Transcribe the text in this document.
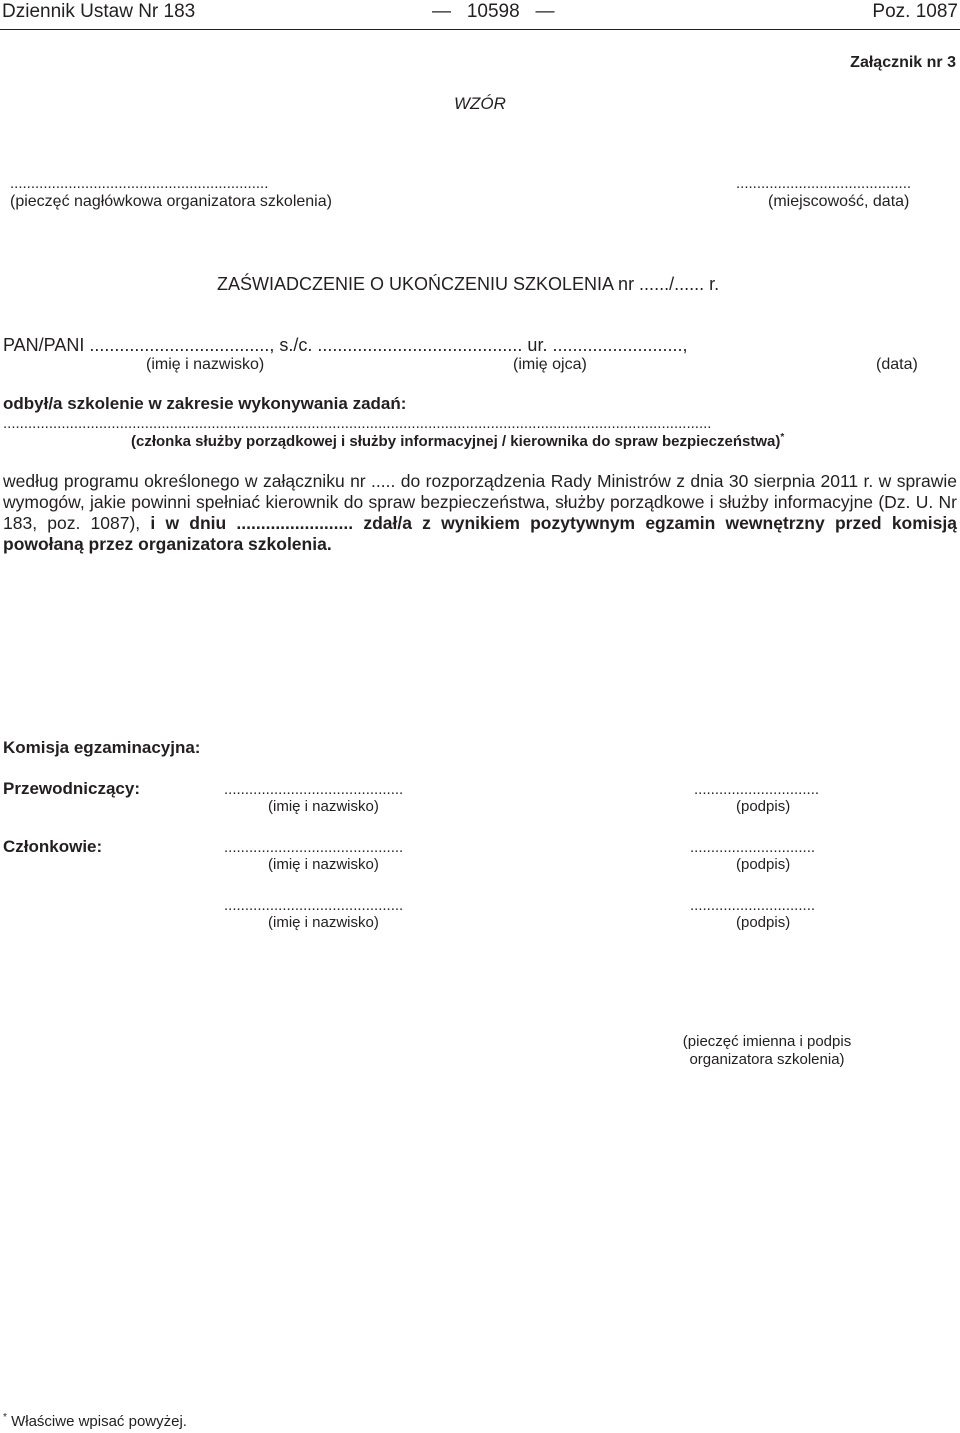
Dziennik Ustaw Nr 183	—   10598   —	Poz. 1087
Załącznik nr 3
WZÓR
..............................................................
(pieczęć nagłówkowa organizatora szkolenia)
..........................................
(miejscowość, data)
ZAŚWIADCZENIE O UKOŃCZENIU SZKOLENIA nr ....../...... r.
PAN/PANI ...................................., s./c. ......................................... ur. ..........................,
(imię i nazwisko)	(imię ojca)	(data)
odbył/a szkolenie w zakresie wykonywania zadań:
..........................................................................................................................................................................
(członka służby porządkowej i służby informacyjnej / kierownika do spraw bezpieczeństwa)*
według programu określonego w załączniku nr ..... do rozporządzenia Rady Ministrów z dnia 30 sierpnia 2011 r. w sprawie wymogów, jakie powinni spełniać kierownik do spraw bezpieczeństwa, służby porządkowe i służby informacyjne (Dz. U. Nr 183, poz. 1087), i w dniu ........................ zdał/a z wynikiem pozytywnym egzamin wewnętrzny przed komisją powołaną przez organizatora szkolenia.
Komisja egzaminacyjna:
Przewodniczący:	...........................................
(imię i nazwisko)
..............................
(podpis)
Członkowie:	...........................................
(imię i nazwisko)
..............................
(podpis)
...........................................
(imię i nazwisko)
..............................
(podpis)
(pieczęć imienna i podpis
organizatora szkolenia)
* Właściwe wpisać powyżej.
